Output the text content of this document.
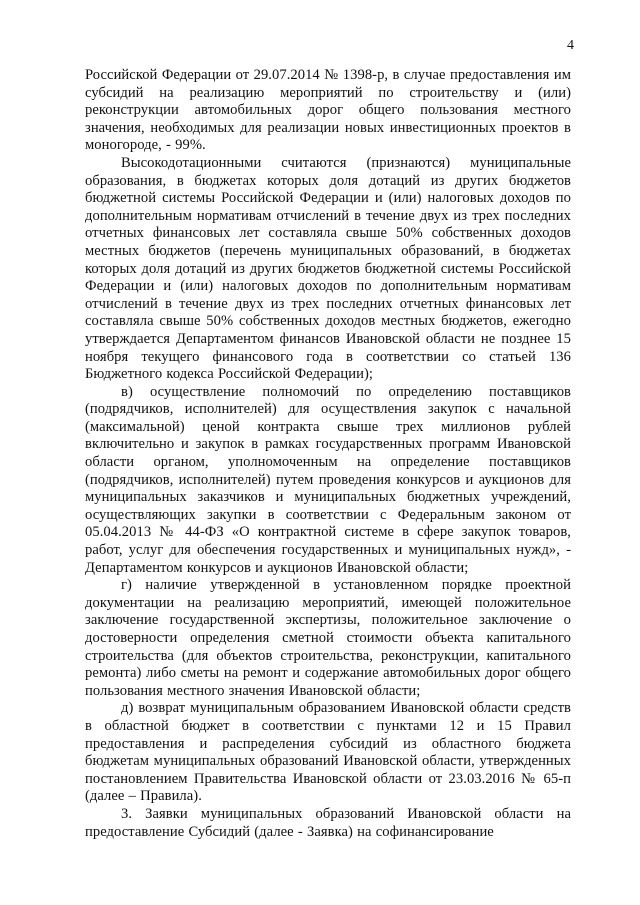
4

Российской Федерации от 29.07.2014 № 1398-р, в случае предоставления им субсидий на реализацию мероприятий по строительству и (или) реконструкции автомобильных дорог общего пользования местного значения, необходимых для реализации новых инвестиционных проектов в моногороде, - 99%.

Высокодотационными считаются (признаются) муниципальные образования, в бюджетах которых доля дотаций из других бюджетов бюджетной системы Российской Федерации и (или) налоговых доходов по дополнительным нормативам отчислений в течение двух из трех последних отчетных финансовых лет составляла свыше 50% собственных доходов местных бюджетов (перечень муниципальных образований, в бюджетах которых доля дотаций из других бюджетов бюджетной системы Российской Федерации и (или) налоговых доходов по дополнительным нормативам отчислений в течение двух из трех последних отчетных финансовых лет составляла свыше 50% собственных доходов местных бюджетов, ежегодно утверждается Департаментом финансов Ивановской области не позднее 15 ноября текущего финансового года в соответствии со статьей 136 Бюджетного кодекса Российской Федерации);

в) осуществление полномочий по определению поставщиков (подрядчиков, исполнителей) для осуществления закупок с начальной (максимальной) ценой контракта свыше трех миллионов рублей включительно и закупок в рамках государственных программ Ивановской области органом, уполномоченным на определение поставщиков (подрядчиков, исполнителей) путем проведения конкурсов и аукционов для муниципальных заказчиков и муниципальных бюджетных учреждений, осуществляющих закупки в соответствии с Федеральным законом от 05.04.2013 № 44-ФЗ «О контрактной системе в сфере закупок товаров, работ, услуг для обеспечения государственных и муниципальных нужд», - Департаментом конкурсов и аукционов Ивановской области;

г) наличие утвержденной в установленном порядке проектной документации на реализацию мероприятий, имеющей положительное заключение государственной экспертизы, положительное заключение о достоверности определения сметной стоимости объекта капитального строительства (для объектов строительства, реконструкции, капитального ремонта) либо сметы на ремонт и содержание автомобильных дорог общего пользования местного значения Ивановской области;

д) возврат муниципальным образованием Ивановской области средств в областной бюджет в соответствии с пунктами 12 и 15 Правил предоставления и распределения субсидий из областного бюджета бюджетам муниципальных образований Ивановской области, утвержденных постановлением Правительства Ивановской области от 23.03.2016 № 65-п (далее – Правила).

3. Заявки муниципальных образований Ивановской области на предоставление Субсидий (далее - Заявка) на софинансирование
